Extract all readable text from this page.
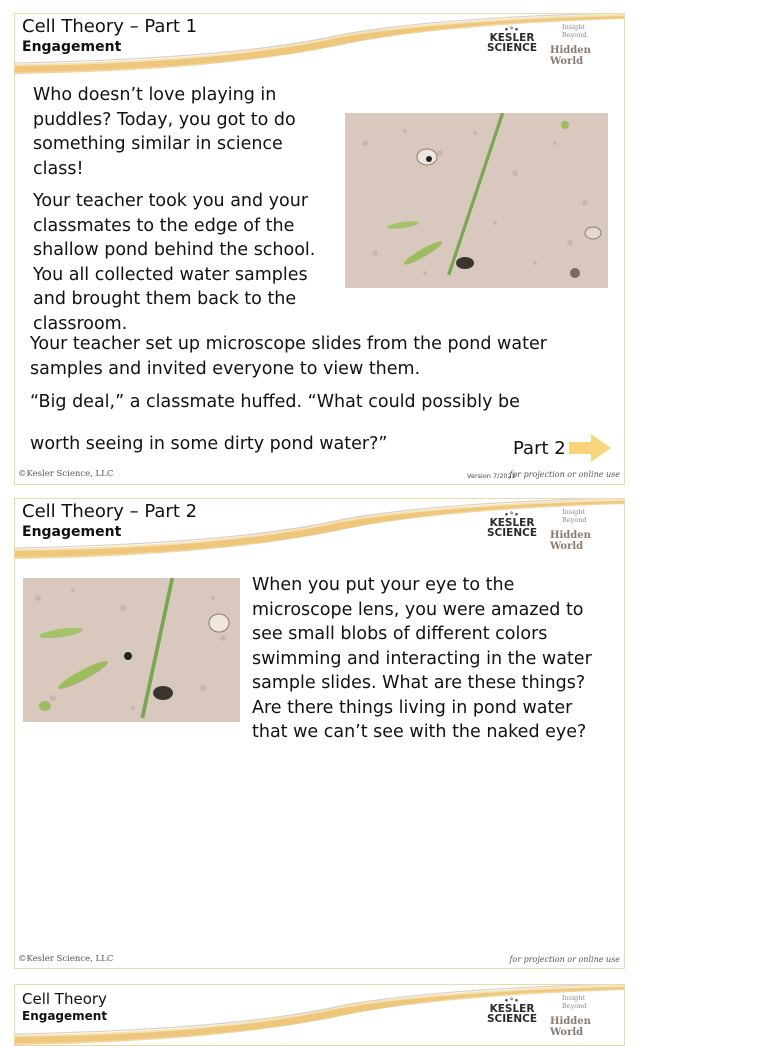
Cell Theory – Part 1
Engagement
•°•
KESLER
SCIENCE
Insight
Beyond
Hidden World

Who doesn’t love playing in puddles? Today, you got to do something similar in science class!

Your teacher took you and your classmates to the edge of the shallow pond behind the school. You all collected water samples and brought them back to the classroom.

Your teacher set up microscope slides from the pond water samples and invited everyone to view them.

“Big deal,” a classmate huffed. “What could possibly be

worth seeing in some dirty pond water?”	Part 2
©Kesler Science, LLC	Version 7/2022
for projection or online use
Cell Theory – Part 2
Engagement
•°•
KESLER
SCIENCE
Insight
Beyond
Hidden World

When you put your eye to the microscope lens, you were amazed to see small blobs of different colors swimming and interacting in the water sample slides. What are these things? Are there things living in pond water that we can’t see with the naked eye?

©Kesler Science, LLC	for projection or online use
Cell Theory
Engagement
•°•
KESLER
SCIENCE
Insight
Beyond
Hidden World
